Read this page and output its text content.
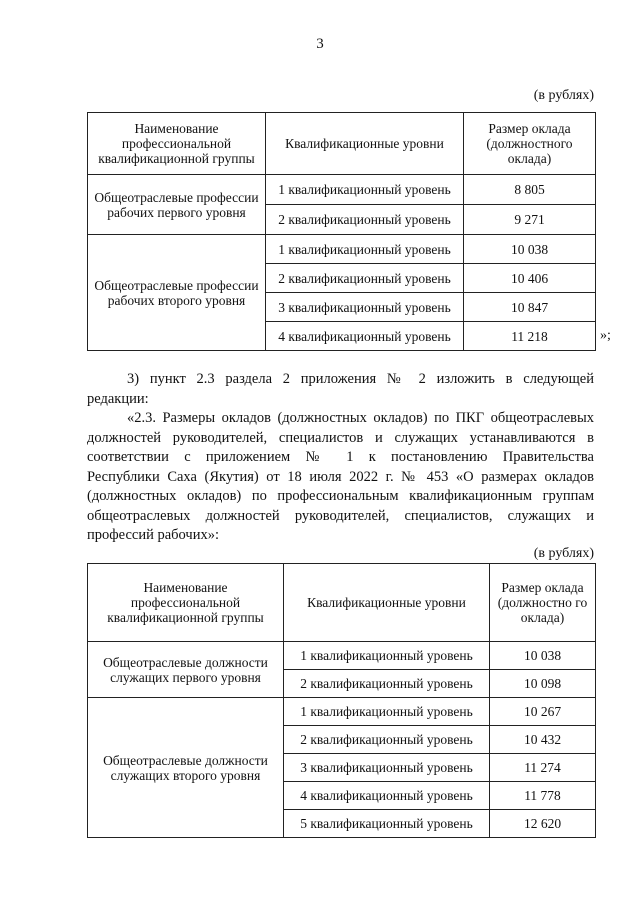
3
(в рублях)
Наименование профессиональной квалификационной группы	Квалификационные уровни	Размер оклада (должностного оклада)
Общеотраслевые профессии рабочих первого уровня	1 квалификационный уровень	8 805
	2 квалификационный уровень	9 271
Общеотраслевые профессии рабочих второго уровня	1 квалификационный уровень	10 038
	2 квалификационный уровень	10 406
	3 квалификационный уровень	10 847
	4 квалификационный уровень	11 218	»;
3) пункт 2.3 раздела 2 приложения № 2 изложить в следующей
редакции:
«2.3. Размеры окладов (должностных окладов) по ПКГ общеотраслевых
должностей руководителей, специалистов и служащих устанавливаются в
соответствии с приложением № 1 к постановлению Правительства
Республики Саха (Якутия) от 18 июля 2022 г. № 453 «О размерах окладов
(должностных окладов) по профессиональным квалификационным группам
общеотраслевых должностей руководителей, специалистов, служащих и
профессий рабочих»:
(в рублях)
Наименование профессиональной квалификационной группы	Квалификационные уровни	Размер оклада (должностно го оклада)
Общеотраслевые должности служащих первого уровня	1 квалификационный уровень	10 038
	2 квалификационный уровень	10 098
Общеотраслевые должности служащих второго уровня	1 квалификационный уровень	10 267
	2 квалификационный уровень	10 432
	3 квалификационный уровень	11 274
	4 квалификационный уровень	11 778
	5 квалификационный уровень	12 620
